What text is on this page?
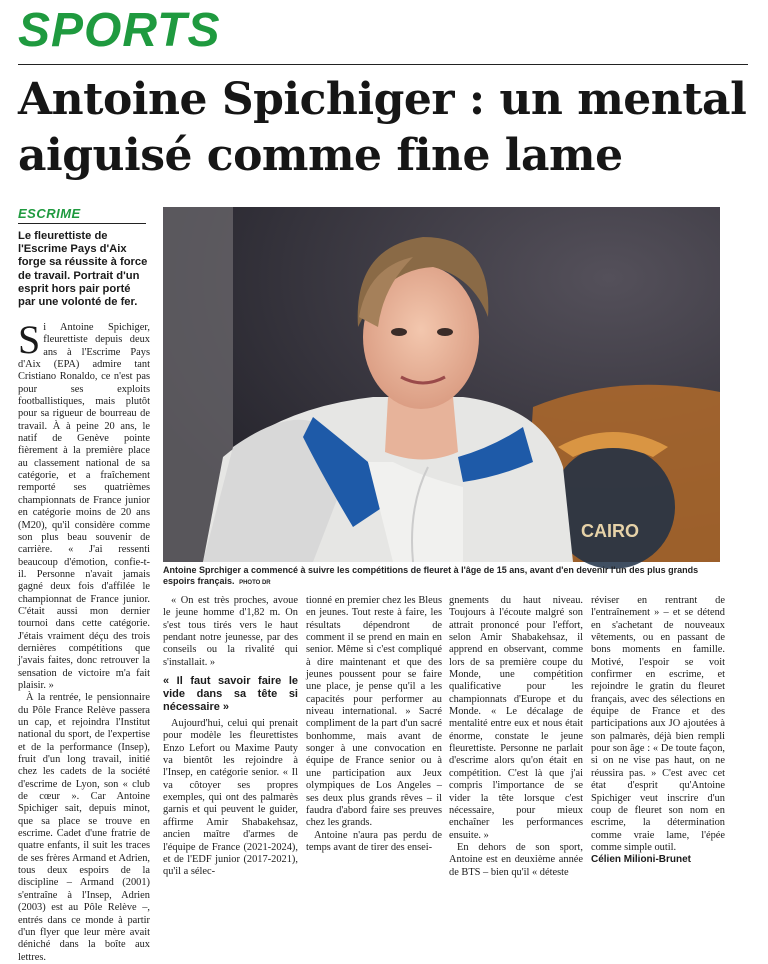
SPORTS
Antoine Spichiger : un mental aiguisé comme fine lame
ESCRIME
Le fleurettiste de l'Escrime Pays d'Aix forge sa réussite à force de travail. Portrait d'un esprit hors pair porté par une volonté de fer.
CAIRO
Antoine Sprchiger a commencé à suivre les compétitions de fleuret à l'âge de 15 ans, avant d'en devenir l'un des plus grands espoirs français. PHOTO DR

Si Antoine Spichiger, fleurettiste depuis deux ans à l'Escrime Pays d'Aix (EPA) admire tant Cristiano Ronaldo, ce n'est pas pour ses exploits footballistiques, mais plutôt pour sa rigueur de bourreau de travail. À à peine 20 ans, le natif de Genève pointe fièrement à la première place au classement national de sa catégorie, et a fraîchement remporté ses quatrièmes championnats de France junior en catégorie moins de 20 ans (M20), qu'il considère comme son plus beau souvenir de carrière. « J'ai ressenti beaucoup d'émotion, confie-t-il. Personne n'avait jamais gagné deux fois d'affilée le championnat de France junior. C'était aussi mon dernier tournoi dans cette catégorie. J'étais vraiment déçu des trois dernières compétitions que j'avais faites, donc retrouver la sensation de victoire m'a fait plaisir. »

À la rentrée, le pensionnaire du Pôle France Relève passera un cap, et rejoindra l'Institut national du sport, de l'expertise et de la performance (Insep), fruit d'un long travail, initié chez les cadets de la société d'escrime de Lyon, son « club de cœur ». Car Antoine Spichiger sait, depuis minot, que sa place se trouve en escrime. Cadet d'une fratrie de quatre enfants, il suit les traces de ses frères Armand et Adrien, tous deux espoirs de la discipline – Armand (2001) s'entraîne à l'Insep, Adrien (2003) est au Pôle Relève –, entrés dans ce monde à partir d'un flyer que leur mère avait déniché dans la boîte aux lettres.

« On est très proches, avoue le jeune homme d'1,82 m. On s'est tous tirés vers le haut pendant notre jeunesse, par des conseils ou la rivalité qui s'installait. »

« Il faut savoir faire le vide dans sa tête si nécessaire »

Aujourd'hui, celui qui prenait pour modèle les fleurettistes Enzo Lefort ou Maxime Pauty va bientôt les rejoindre à l'Insep, en catégorie senior. « Il va côtoyer ses propres exemples, qui ont des palmarès garnis et qui peuvent le guider, affirme Amir Shabakehsaz, ancien maître d'armes de l'équipe de France (2021-2024), et de l'EDF junior (2017-2021), qu'il a sélec-

tionné en premier chez les Bleus en jeunes. Tout reste à faire, les résultats dépendront de comment il se prend en main en senior. Même si c'est compliqué à dire maintenant et que des jeunes poussent pour se faire une place, je pense qu'il a les capacités pour performer au niveau international. » Sacré compliment de la part d'un sacré bonhomme, mais avant de songer à une convocation en équipe de France senior ou à une participation aux Jeux olympiques de Los Angeles – ses deux plus grands rêves – il faudra d'abord faire ses preuves chez les grands.

Antoine n'aura pas perdu de temps avant de tirer des ensei-

gnements du haut niveau. Toujours à l'écoute malgré son attrait prononcé pour l'effort, selon Amir Shabakehsaz, il apprend en observant, comme lors de sa première coupe du Monde, une compétition qualificative pour les championnats d'Europe et du Monde. « Le décalage de mentalité entre eux et nous était énorme, constate le jeune fleurettiste. Personne ne parlait d'escrime alors qu'on était en compétition. C'est là que j'ai compris l'importance de se vider la tête lorsque c'est nécessaire, pour mieux enchaîner les performances ensuite. »

En dehors de son sport, Antoine est en deuxième année de BTS – bien qu'il « déteste

réviser en rentrant de l'entraînement » – et se détend en s'achetant de nouveaux vêtements, ou en passant de bons moments en famille. Motivé, l'espoir se voit confirmer en escrime, et rejoindre le gratin du fleuret français, avec des sélections en équipe de France et des participations aux JO ajoutées à son palmarès, déjà bien rempli pour son âge : « De toute façon, si on ne vise pas haut, on ne réussira pas. » C'est avec cet état d'esprit qu'Antoine Spichiger veut inscrire d'un coup de fleuret son nom en escrime, la détermination comme vraie lame, l'épée comme simple outil.

Célien Milioni-Brunet
